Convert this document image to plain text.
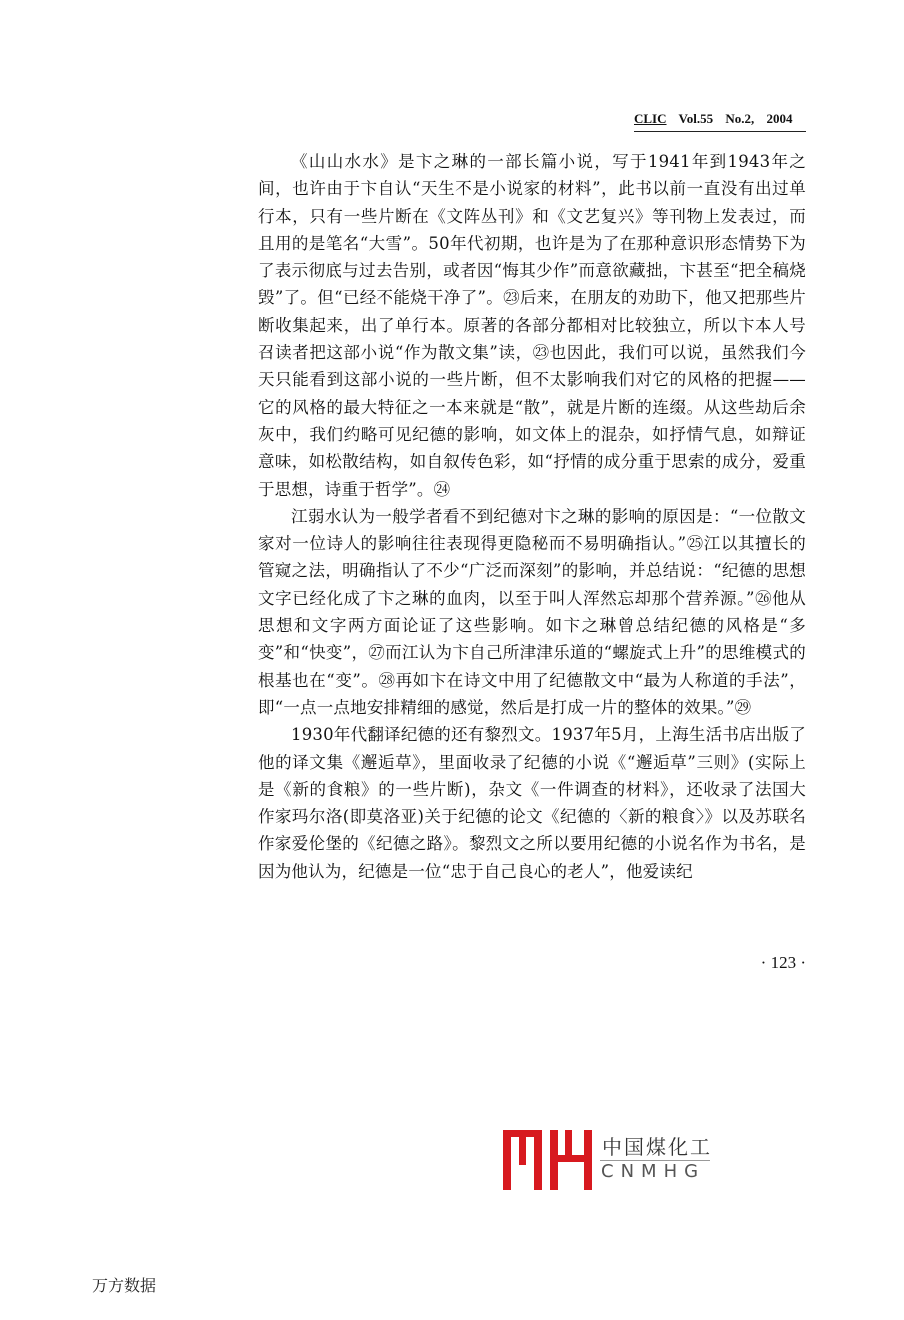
CLIC Vol.55 No.2, 2004

《山山水水》是卞之琳的一部长篇小说，写于1941年到1943年之间，也许由于卞自认“天生不是小说家的材料”，此书以前一直没有出过单行本，只有一些片断在《文阵丛刊》和《文艺复兴》等刊物上发表过，而且用的是笔名“大雪”。50年代初期，也许是为了在那种意识形态情势下为了表示彻底与过去告别，或者因“悔其少作”而意欲藏拙，卞甚至“把全稿烧毁”了。但“已经不能烧干净了”。㉓后来，在朋友的劝助下，他又把那些片断收集起来，出了单行本。原著的各部分都相对比较独立，所以卞本人号召读者把这部小说“作为散文集”读，㉓也因此，我们可以说，虽然我们今天只能看到这部小说的一些片断，但不太影响我们对它的风格的把握——它的风格的最大特征之一本来就是“散”，就是片断的连缀。从这些劫后余灰中，我们约略可见纪德的影响，如文体上的混杂，如抒情气息，如辩证意味，如松散结构，如自叙传色彩，如“抒情的成分重于思索的成分，爱重于思想，诗重于哲学”。㉔

江弱水认为一般学者看不到纪德对卞之琳的影响的原因是：“一位散文家对一位诗人的影响往往表现得更隐秘而不易明确指认。”㉕江以其擅长的管窥之法，明确指认了不少“广泛而深刻”的影响，并总结说：“纪德的思想文字已经化成了卞之琳的血肉，以至于叫人浑然忘却那个营养源。”㉖他从思想和文字两方面论证了这些影响。如卞之琳曾总结纪德的风格是“多变”和“快变”，㉗而江认为卞自己所津津乐道的“螺旋式上升”的思维模式的根基也在“变”。㉘再如卞在诗文中用了纪德散文中“最为人称道的手法”，即“一点一点地安排精细的感觉，然后是打成一片的整体的效果。”㉙

1930年代翻译纪德的还有黎烈文。1937年5月，上海生活书店出版了他的译文集《邂逅草》，里面收录了纪德的小说《“邂逅草”三则》(实际上是《新的食粮》的一些片断)，杂文《一件调查的材料》，还收录了法国大作家玛尔洛(即莫洛亚)关于纪德的论文《纪德的〈新的粮食〉》以及苏联名作家爱伦堡的《纪德之路》。黎烈文之所以要用纪德的小说名作为书名，是因为他认为，纪德是一位“忠于自己良心的老人”，他爱读纪

· 123 ·
中国煤化工
CNMHG
万方数据
